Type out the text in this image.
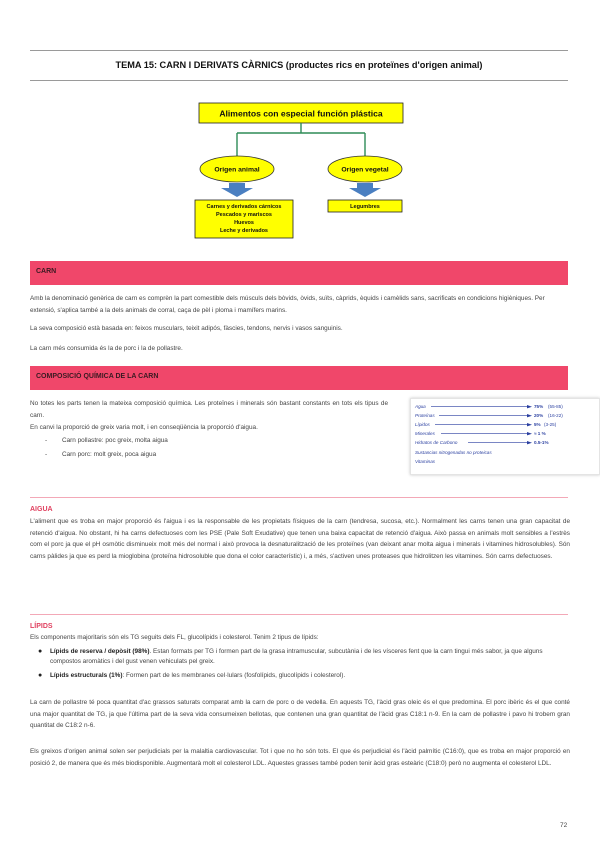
TEMA 15: CARN I DERIVATS CÀRNICS (productes rics en proteïnes d'origen animal)
Alimentos con especial función plástica
Origen animal	Origen vegetal
Carnes y derivados cárnicos
Pescados y mariscos
Huevos
Leche y derivados
Legumbres
CARN

Amb la denominació genèrica de carn es comprèn la part comestible dels músculs dels bòvids, òvids, suïts, càprids, èquids i camèlids sans, sacrificats en condicions higièniques. Per extensió, s'aplica també a la dels animals de corral, caça de pèl i ploma i mamífers marins.

La seva composició està basada en: feixos musculars, teixit adipós, fàscies, tendons, nervis i vasos sanguinis.

La carn més consumida és la de porc i la de pollastre.

COMPOSICIÓ QUÍMICA DE LA CARN

No totes les parts tenen la mateixa composició química. Les proteïnes i minerals són bastant constants en tots els tipus de carn.

En canvi la proporció de greix varia molt, i en conseqüència la proporció d'aigua.

- Carn pollastre: poc greix, molta aigua
- Carn porc: molt greix, poca aigua
Agua	75% (55-85)
Proteínas	20% (16-22)
Lípidos	5% (3-25)
Minerales	≈ 1 %
Hidratos de Carbono	0.5-1%
Sustancias nitrogenadas no proteicas
Vitaminas
AIGUA

L'aliment que es troba en major proporció és l'aigua i es la responsable de les propietats físiques de la carn (tendresa, sucosa, etc.). Normalment les carns tenen una gran capacitat de retenció d'aigua. No obstant, hi ha carns defectuoses com les PSE (Pale Soft Exudative) que tenen una baixa capacitat de retenció d'aigua. Això passa en animals molt sensibles a l'estrès com el porc ja que el pH osmòtic disminueix molt més del normal i això provoca la desnaturalització de les proteïnes (van deixant anar molta aigua i minerals i vitamines hidrosolubles). Són carns pàlides ja que es perd la mioglobina (proteïna hidrosoluble que dona el color característic) i, a més, s'activen unes proteases que hidrolitzen les vitamines. Són carns defectuoses.

LÍPIDS

Els components majoritaris són els TG seguits dels FL, glucolípids i colesterol. Tenim 2 tipus de lípids:

● Lípids de reserva / depòsit (98%). Estan formats per TG i formen part de la grasa intramuscular, subcutània i de les vísceres fent que la carn tingui més sabor, ja que alguns compostos aromàtics i del gust venen vehiculats pel greix.
● Lípids estructurals (1%): Formen part de les membranes cel·lulars (fosfolípids, glucolípids i colesterol).

La carn de pollastre té poca quantitat d'ac grassos saturats comparat amb la carn de porc o de vedella. En aquests TG, l'àcid gras oleic és el que predomina. El porc ibèric és el que conté una major quantitat de TG, ja que l'última part de la seva vida consumeixen bellotas, que contenen una gran quantitat de l'àcid gras C18:1 n-9. En la carn de pollastre i pavo hi trobem gran quantitat de C18:2 n-6.

Els greixos d'origen animal solen ser perjudicials per la malaltia cardiovascular. Tot i que no ho són tots. El que és perjudicial és l'àcid palmític (C16:0), que es troba en major proporció en posició 2, de manera que és més biodisponible. Augmentarà molt el colesterol LDL. Aquestes grasses també poden tenir àcid gras esteàric (C18:0) però no augmenta el colesterol LDL.

72
